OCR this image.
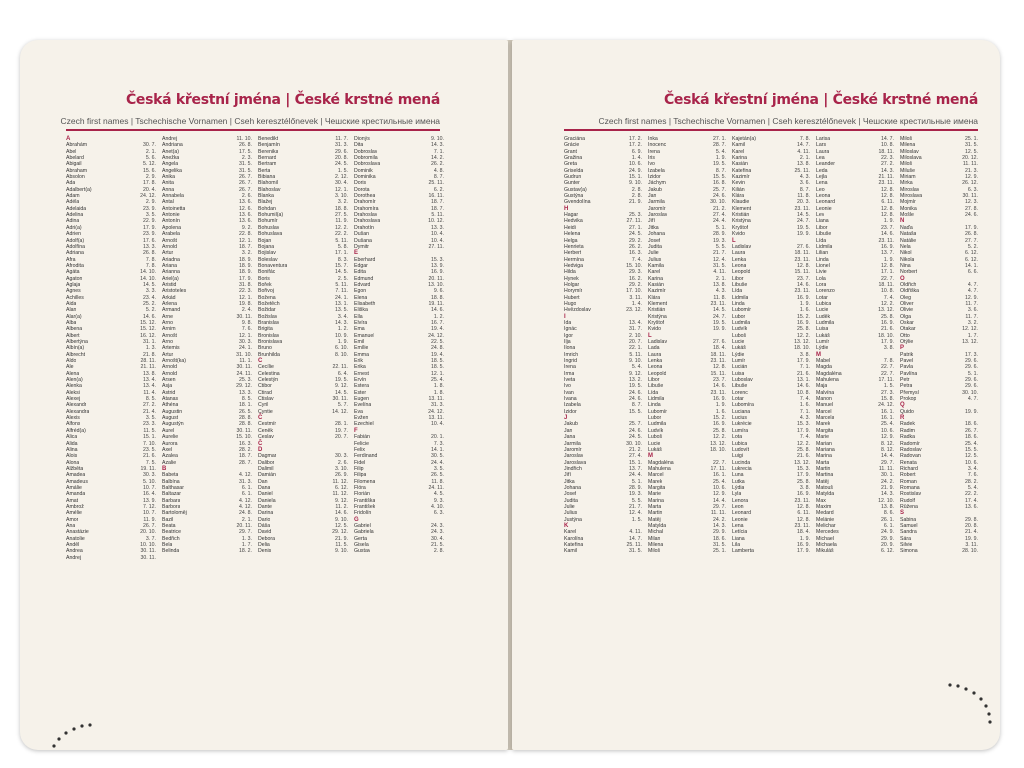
Česká křestní jména | České krstné mená
Czech first names | Tschechische Vornamen | Cseh keresztélőnevek | Чешские крестильные имена
A
Abrahám	30. 7.
Abel	2. 1.
Abelard	5. 6.
Abigail	5. 12.
Abraham	15. 6.
Absolon	2. 9.
Ada	17. 8.
Adalbert(a)	20. 4.
Adam	24. 12.
Adéla	2. 9.
Adelaida	23. 9.
Adelina	3. 5.
Adina	22. 9.
Adri(a)	17. 9.
Adrien	23. 9.
Adolf(a)	17. 6.
Adolfína	13. 3.
Adriana	26. 8.
Afra	7. 8.
Afrodita	7. 8.
Agáta	14. 10.
Agaton	14. 10.
Aglaja	14. 5.
Agnes	3. 3.
Achilles	23. 4.
Aida	25. 2.
Alan	5. 2.
Alar(a)	14. 6.
Alba	15. 12.
Albena	15. 12.
Albert	16. 12.
Albertýna	31. 1.
Albín(a)	1. 3.
Albrecht	21. 8.
Aldo	28. 11.
Ale	21. 11.
Alena	13. 8.
Alen(a)	13. 4.
Alenka	13. 4.
Aleksi	11. 4.
Alexej	8. 5.
Alexandr	27. 2.
Alexandra	21. 4.
Alexis	3. 5.
Alfons	23. 3.
Alfréd(a)	11. 5.
Alica	15. 1.
Alida	7. 10.
Alina	23. 5.
Alois	21. 6.
Alona	7. 5.
Alžběta	19. 11.
Amadea	30. 3.
Amadeus	5. 10.
Amálie	10. 7.
Amanda	16. 4.
Amat	13. 9.
Ambrož	7. 12.
Amélie	10. 7.
Amor	11. 9.
Ana	26. 7.
Anastázie	20. 10.
Anatolie	3. 7.
Anděl	10. 10.
Andrea	30. 11.
Andrej	30. 11.
Andrej	11. 10.
Andriana	26. 8.
Anet(a)	17. 5.
Anežka	2. 3.
Angela	31. 5.
Angelika	31. 5.
Anika	26. 7.
Anita	26. 7.
Anna	26. 7.
Annabela	2. 6.
Antal	13. 6.
Antoinetta	12. 6.
Antonie	13. 6.
Antonín	13. 6.
Apolena	9. 2.
Arabela	22. 8.
Arnošt	12. 1.
Arnold	18. 7.
Artur	3. 2.
Ariadna	18. 9.
Ariana	18. 9.
Arianna	18. 9.
Ariel(a)	17. 9.
Aristid	31. 8.
Aristoteles	22. 3.
Arkád	12. 1.
Arlena	19. 8.
Armand	2. 4.
Arne	30. 11.
Arno	9. 8.
Arnim	7. 6.
Arnošt	12. 1.
Arno	30. 3.
Artemis	24. 1.
Artur	31. 10.
Arnošt(ka)	11. 1.
Arnold	30. 11.
Arnold	24. 11.
Arsen	25. 3.
Asja	29. 12.
Astrid	13. 3.
Atanas	8. 5.
Athéna	18. 1.
Augustin	26. 5.
August	28. 8.
Augustýn	28. 8.
Aurel	30. 11.
Aurelie	15. 10.
Aurora	16. 3.
Axel	28. 2.
Azalea	18. 7.
Azalie	28. 7.
B
Babeta	4. 12.
Balbína	31. 3.
Balthasar	6. 1.
Baltazar	6. 1.
Barbara	4. 12.
Barbora	4. 12.
Bartoloměj	24. 8.
Bazil	2. 1.
Beata	20. 11.
Beatrice	29. 7.
Bedřich	1. 3.
Bela	1. 7.
Belinda	18. 2.
Benedikt	11. 7.
Benjamín	31. 3.
Berenika	29. 6.
Bernard	20. 8.
Bertram	24. 5.
Berta	1. 5.
Bibiana	2. 12.
Blahomil	30. 4.
Blahoslav	12. 1.
Blanka	3. 10.
Blažej	3. 2.
Bohdan	18. 8.
Bohumil(a)	27. 5.
Bohumír	11. 9.
Bohuslav	12. 2.
Bohuslava	22. 2.
Bojan	5. 11.
Bojana	5. 8.
Bojislav	17. 1.
Boleslav	8. 3.
Bonaventura	15. 7.
Bonifác	14. 5.
Boris	2. 5.
Bořek	5. 11.
Bořivoj	7. 11.
Božena	24. 1.
Božetěch	13. 1.
Božidar	13. 5.
Božislav	3. 4.
Branislav	14. 3.
Brigita	1. 2.
Bronislav	10. 9.
Bronislava	1. 9.
Bruno	6. 10.
Brunhilda	8. 10.
C
Cecílie	22. 11.
Celestina	6. 4.
Celestýn	19. 5.
Ctibor	9. 12.
Ctirad	14. 5.
Ctislav	30. 11.
Cyril	5. 7.
Cyntie	14. 12.
Č
Čestmír	28. 1.
Čeněk	19. 7.
Česlav	20. 7.
Č
D
Dagmar	30. 3.
Dalibor	2. 6.
Dalimil	3. 10.
Damián	26. 9.
Dan	11. 12.
Dana	6. 12.
Daniel	11. 12.
Daniela	9. 12.
Dante	11. 2.
Darina	14. 6.
Dario	9. 10.
Dáša	12. 5.
David	29. 12.
Debora	21. 9.
Delia	11. 5.
Denis	9. 10.
Dionýs	9. 10.
Dita	14. 3.
Dobroslav	7. 1.
Dobromila	14. 2.
Dobroslava	26. 2.
Dominik	4. 8.
Dominika	8. 7.
Doris	25. 11.
Dorota	6. 2.
Dorothea	16. 11.
Drahomír	18. 7.
Drahomíra	18. 7.
Drahoslav	5. 11.
Drahoslava	10. 12.
Drahotín	13. 3.
Dušan	10. 4.
Dušana	10. 4.
Dymitr	27. 11.
E
Eberhard	15. 3.
Edgar	13. 9.
Edita	16. 9.
Edmund	20. 11.
Edvard	13. 10.
Egon	9. 6.
Elena	18. 8.
Elisabeth	19. 11.
Eliška	14. 6.
Ella	1. 2.
Elvíra	16. 7.
Ema	19. 4.
Emanuel	24. 12.
Emil	22. 5.
Emílie	24. 8.
Emma	19. 4.
Erik	18. 5.
Erika	18. 5.
Ernest	12. 1.
Ervín	25. 4.
Estera	1. 8.
Ester	1. 8.
Eugen	13. 11.
Evelína	31. 3.
Eva	24. 12.
Evžen	13. 11.
Ezechiel	10. 4.
F
Fabián	20. 1.
Felicie	7. 3.
Felix	14. 1.
Ferdinand	30. 5.
Fidel	24. 4.
Filip	3. 5.
Filipa	26. 5.
Filomena	11. 8.
Flóra	24. 11.
Florián	4. 5.
Františka	9. 3.
František	4. 10.
Fridolín	6. 3.
G
Gabriel	24. 3.
Gabriela	24. 3.
Gerta	30. 4.
Gisela	21. 5.
Gustav	2. 8.
Česká křestní jména | České krstné mená
Czech first names | Tschechische Vornamen | Cseh keresztélőnevek | Чешские крестильные имена
Graciána	17. 2.
Grácie	17. 2.
Grant	6. 9.
Gražina	1. 4.
Greta	10. 6.
Griselda	24. 9.
Gudrun	15. 1.
Gunter	9. 10.
Gustav(a)	2. 8.
Gustýna	2. 8.
Gvendolína	21. 9.
H
Hagar	25. 3.
Hedvika	27. 11.
Heidi	27. 1.
Helena	24. 5.
Helga	29. 2.
Henrieta	26. 2.
Herbert	16. 3.
Hermína	7. 4.
Hedviga	15. 10.
Hilda	29. 3.
Hynek	16. 2.
Holgar	29. 2.
Horymír	17. 10.
Hubert	3. 11.
Hugo	1. 4.
Hvězdoslav	23. 12.
I
Ida	13. 4.
Ignác	31. 7.
Igor	2. 10.
Ilja	20. 7.
Ilona	22. 1.
Imrich	5. 11.
Ingrid	9. 10.
Irena	5. 4.
Irma	9. 12.
Iveta	13. 2.
Ivo	19. 5.
Ivan	24. 6.
Ivana	24. 6.
Izabela	8. 7.
Izidor	15. 5.
J
Jakub	25. 7.
Jan	24. 6.
Jana	24. 5.
Jarmila	30. 10.
Jaromír	21. 2.
Jaroslav	27. 4.
Jaroslava	15. 1.
Jindřich	13. 7.
Jiří	24. 4.
Jitka	5. 1.
Johana	28. 9.
Josef	19. 3.
Judita	5. 5.
Julie	21. 7.
Julius	12. 4.
Justýna	1. 5.
K
Karel	4. 11.
Karolína	14. 7.
Kateřina	25. 11.
Kamil	31. 5.
Inka	27. 1.
Inocenc	28. 7.
Irena	5. 4.
Iris	1. 9.
Ivo	19. 5.
Izabela	8. 7.
Izidor	15. 5.
Jáchym	16. 8.
Jakub	25. 7.
Jan	24. 6.
Jarmila	30. 10.
Jaromír	21. 2.
Jaroslav	27. 4.
Jiří	24. 4.
Jitka	5. 1.
Johana	28. 9.
Josef	19. 3.
Judita	5. 5.
Julie	21. 7.
Julius	12. 4.
Kamila	31. 5.
Karel	4. 11.
Karina	2. 1.
Kasián	13. 8.
Kazimír	4. 3.
Klára	11. 8.
Klement	23. 11.
Kristián	14. 5.
Kristýna	24. 7.
Kryštof	19. 5.
Kvido	19. 9.
L
Ladislav	27. 6.
Lada	18. 4.
Laura	18. 11.
Lenka	23. 11.
Leona	12. 8.
Leopold	15. 11.
Libor	23. 7.
Libuše	14. 6.
Lída	23. 11.
Lidmila	16. 9.
Linda	1. 9.
Lubomír	1. 6.
Lubor	15. 2.
Ludmila	16. 9.
Ludvík	25. 8.
Luboš	12. 2.
Lucie	13. 12.
Lukáš	18. 10.
M
Magdaléna	22. 7.
Mahulena	17. 11.
Marcel	16. 1.
Marek	25. 4.
Margita	10. 6.
Marie	12. 9.
Marina	14. 4.
Marta	29. 7.
Martin	11. 11.
Matěj	24. 2.
Matylda	14. 3.
Michal	29. 9.
Milan	18. 6.
Milena	31. 5.
Miloš	25. 1.
Kajetán(a)	7. 8.
Kamil	14. 7.
Karel	4. 11.
Karina	2. 1.
Kasián	13. 8.
Kateřina	25. 11.
Kazimír	4. 3.
Kevin	3. 6.
Kilián	8. 7.
Klára	11. 8.
Klaudie	20. 3.
Klement	23. 11.
Kristián	14. 5.
Kristýna	24. 7.
Kryštof	19. 5.
Kvido	19. 9.
L
Ladislav	27. 6.
Laura	18. 11.
Lenka	23. 11.
Leona	12. 8.
Leopold	15. 11.
Libor	23. 7.
Libuše	14. 6.
Lída	23. 11.
Lidmila	16. 9.
Linda	1. 9.
Lubomír	1. 6.
Lubor	15. 2.
Ludmila	16. 9.
Ludvík	25. 8.
Luboš	12. 2.
Lucie	13. 12.
Lukáš	18. 10.
Lýdie	3. 8.
Lumír	17. 9.
Lucián	7. 1.
Luisa	21. 6.
Luboslav	13. 1.
Libuše	14. 6.
Lorenc	10. 8.
Lotar	7. 4.
Lubomíra	1. 6.
Luciana	7. 1.
Lucius	4. 3.
Lukrécie	15. 3.
Lumíra	17. 9.
Lota	7. 4.
Lubica	12. 2.
Ludovít	25. 8.
Luigi	21. 6.
Lucinda	13. 12.
Lukrecia	15. 3.
Luna	17. 9.
Lutka	25. 8.
Lýdia	3. 8.
Lyla	16. 9.
Lenora	23. 11.
Leon	12. 8.
Leonard	6. 11.
Leonie	12. 8.
Lena	23. 11.
Letícia	18. 4.
Liana	1. 9.
Lila	16. 9.
Lamberta	17. 9.
Larisa	14. 7.
Lars	10. 8.
Laura	18. 11.
Lea	22. 3.
Leander	27. 2.
Leda	14. 3.
Lejla	21. 11.
Lena	23. 11.
Leo	12. 8.
Leona	12. 8.
Leonard	6. 11.
Leonie	12. 8.
Lev	12. 8.
Liana	1. 9.
Libor	23. 7.
Libuše	14. 6.
Lída	23. 11.
Lidmila	16. 9.
Lilian	13. 7.
Linda	1. 9.
Lionel	12. 8.
Livie	17. 1.
Lola	22. 7.
Lora	18. 11.
Lorenzo	10. 8.
Lotar	7. 4.
Lubica	12. 2.
Lucie	13. 12.
Luděk	25. 8.
Ludmila	16. 9.
Luisa	21. 6.
Lukáš	18. 10.
Lumír	17. 9.
Lýdie	3. 8.
M
Mabel	7. 8.
Magda	22. 7.
Magdaléna	22. 7.
Mahulena	17. 11.
Maja	1. 5.
Malvína	27. 3.
Manon	15. 8.
Manuel	24. 12.
Marcel	16. 1.
Marcela	16. 1.
Marek	25. 4.
Margita	10. 6.
Marie	12. 9.
Marian	8. 12.
Mariana	8. 12.
Marina	14. 4.
Marta	29. 7.
Martin	11. 11.
Martina	30. 1.
Matěj	24. 2.
Matouš	21. 9.
Matylda	14. 3.
Max	12. 10.
Maxim	13. 8.
Medard	8. 6.
Melánie	26. 1.
Melichar	6. 1.
Mercedes	24. 9.
Michael	29. 9.
Michaela	20. 9.
Mikuláš	6. 12.
Miloš	25. 1.
Milena	31. 5.
Miloslav	12. 5.
Miloslava	20. 12.
Miloš	11. 11.
Miluše	21. 3.
Miriam	12. 9.
Mirka	26. 12.
Miroslav	6. 3.
Miroslava	30. 11.
Mojmír	12. 3.
Monika	27. 8.
Mošle	24. 6.
N
Naďa	17. 9.
Nataša	26. 8.
Natálie	27. 7.
Nela	5. 2.
Nikol	6. 12.
Nikola	6. 12.
Nina	14. 1.
Norbert	6. 6.
O
Oldřich	4. 7.
Oldřiška	4. 7.
Oleg	12. 9.
Oliver	11. 7.
Olivie	3. 6.
Olga	11. 7.
Oskar	3. 2.
Otakar	12. 12.
Otto	1. 7.
Otýlie	13. 12.
P
Patrik	17. 3.
Pavel	29. 6.
Pavla	29. 6.
Pavlína	5. 1.
Petr	29. 6.
Petra	29. 6.
Přemysl	30. 10.
Prokop	4. 7.
Q
Quido	19. 9.
R
Radek	18. 6.
Radim	26. 7.
Radka	18. 6.
Radomír	25. 4.
Radoslav	15. 5.
Radovan	12. 5.
Renata	10. 6.
Richard	3. 4.
Robert	7. 6.
Roman	28. 2.
Romana	5. 4.
Rostislav	22. 2.
Rudolf	17. 4.
Růžena	13. 6.
S
Sabina	29. 8.
Samuel	20. 8.
Sandra	21. 4.
Sára	19. 9.
Silvie	3. 11.
Simona	28. 10.
